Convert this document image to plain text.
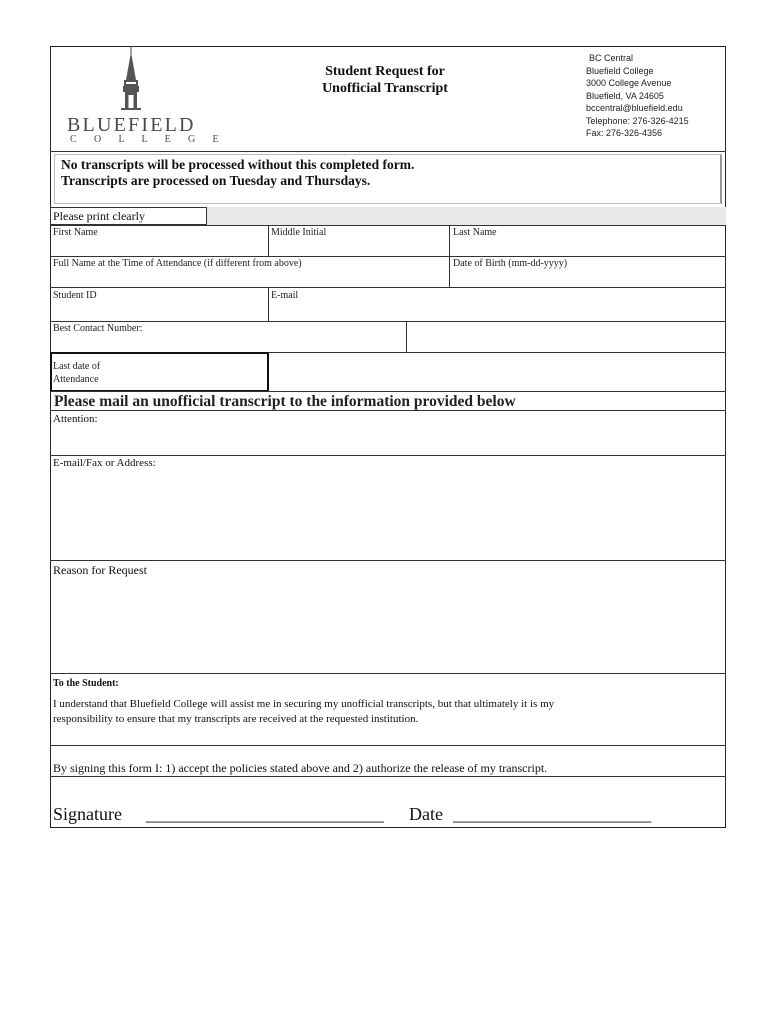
BLUEFIELD
C O L L E G E
Student Request for
Unofficial Transcript
BC Central
Bluefield College
3000 College Avenue
Bluefield, VA 24605
bccentral@bluefield.edu
Telephone: 276-326-4215
Fax: 276-326-4356
No transcripts will be processed without this completed form.
Transcripts are processed on Tuesday and Thursdays.
Please print clearly
First Name	Middle Initial	Last Name
Full Name at the Time of Attendance (if different from above)	Date of Birth (mm-dd-yyyy)
Student ID	E-mail
Best Contact Number:
Last date of
Attendance
Please mail an unofficial transcript to the information provided below
Attention:
E-mail/Fax or Address:
Reason for Request
To the Student:
I understand that Bluefield College will assist me in securing my unofficial transcripts, but that ultimately it is my
responsibility to ensure that my transcripts are received at the requested institution.
By signing this form I: 1) accept the policies stated above and 2) authorize the release of my transcript.
Signature ___________________________ Date _______________________
